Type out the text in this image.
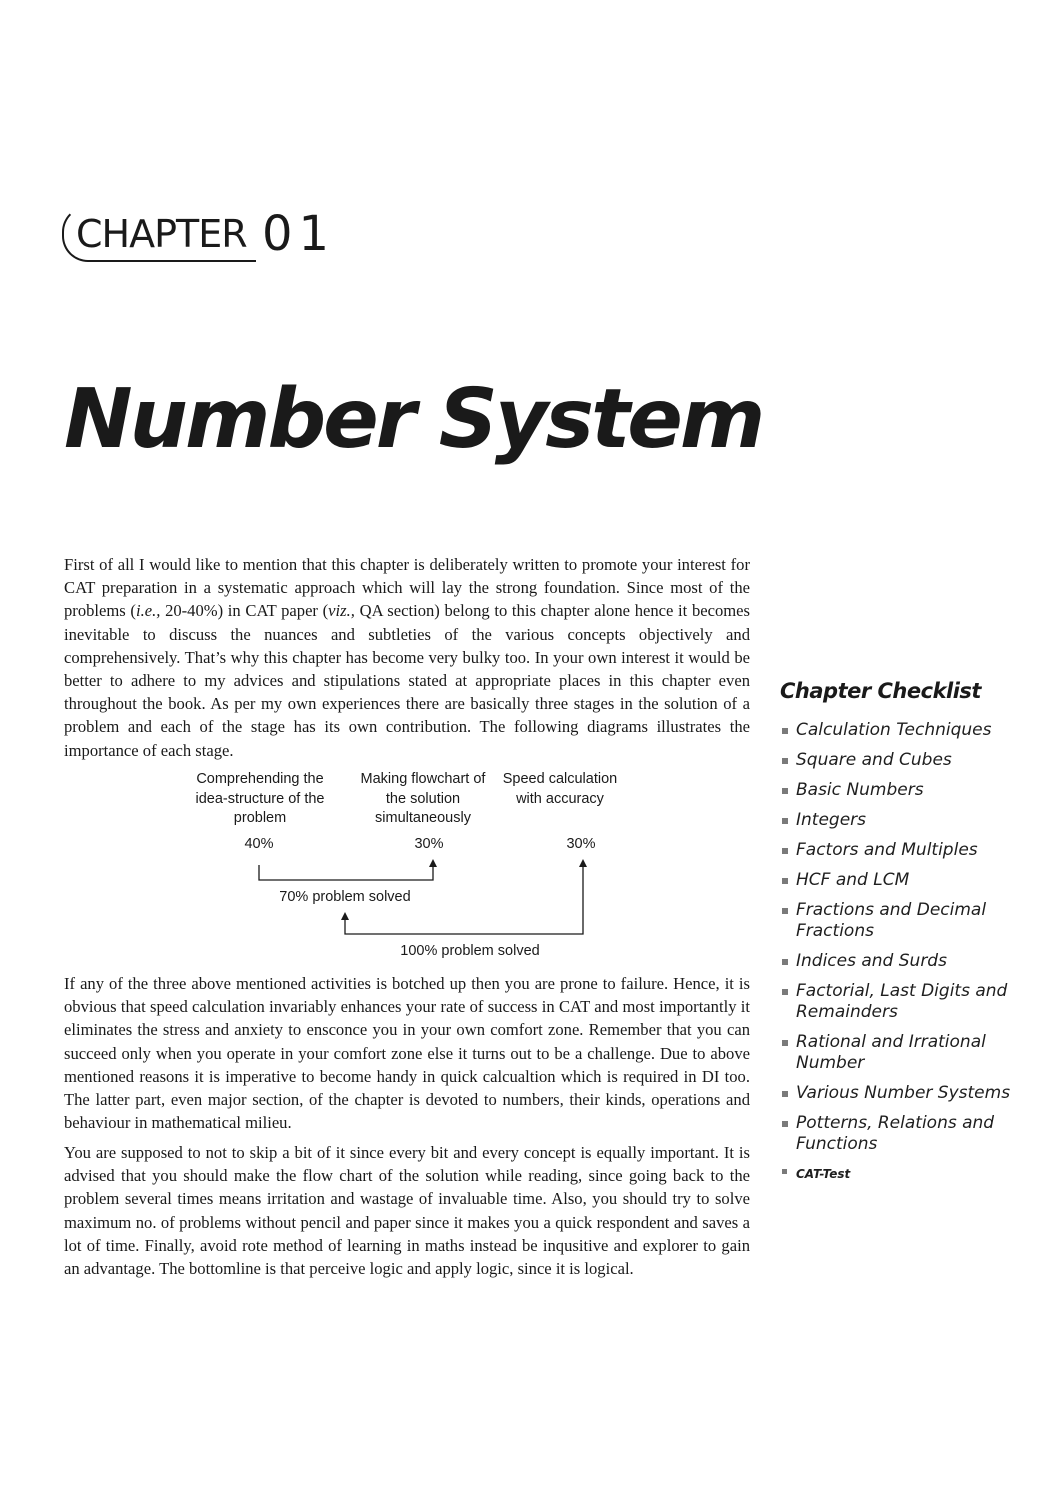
CHAPTER 01
Number System

First of all I would like to mention that this chapter is deliberately written to promote your interest for CAT preparation in a systematic approach which will lay the strong foundation. Since most of the problems (i.e., 20-40%) in CAT paper (viz., QA section) belong to this chapter alone hence it becomes inevitable to discuss the nuances and subtleties of the various concepts objectively and comprehensively. That’s why this chapter has become very bulky too. In your own interest it would be better to adhere to my advices and stipulations stated at appropriate places in this chapter even throughout the book. As per my own experiences there are basically three stages in the solution of a problem and each of the stage has its own contribution. The following diagrams illustrates the importance of each stage.

Comprehending the idea-structure of the problem
Making flowchart of the solution simultaneously
Speed calculation with accuracy
40%	30%	30%
70% problem solved
100% problem solved

If any of the three above mentioned activities is botched up then you are prone to failure. Hence, it is obvious that speed calculation invariably enhances your rate of success in CAT and most importantly it eliminates the stress and anxiety to ensconce you in your own comfort zone. Remember that you can succeed only when you operate in your comfort zone else it turns out to be a challenge. Due to above mentioned reasons it is imperative to become handy in quick calcualtion which is required in DI too. The latter part, even major section, of the chapter is devoted to numbers, their kinds, operations and behaviour in mathematical milieu.

You are supposed to not to skip a bit of it since every bit and every concept is equally important. It is advised that you should make the flow chart of the solution while reading, since going back to the problem several times means irritation and wastage of invaluable time. Also, you should try to solve maximum no. of problems without pencil and paper since it makes you a quick respondent and saves a lot of time. Finally, avoid rote method of learning in maths instead be inqusitive and explorer to gain an advantage. The bottomline is that perceive logic and apply logic, since it is logical.

Chapter Checklist
Calculation Techniques
Square and Cubes
Basic Numbers
Integers
Factors and Multiples
HCF and LCM
Fractions and Decimal Fractions
Indices and Surds
Factorial, Last Digits and Remainders
Rational and Irrational Number
Various Number Systems
Potterns, Relations and Functions
CAT-Test
